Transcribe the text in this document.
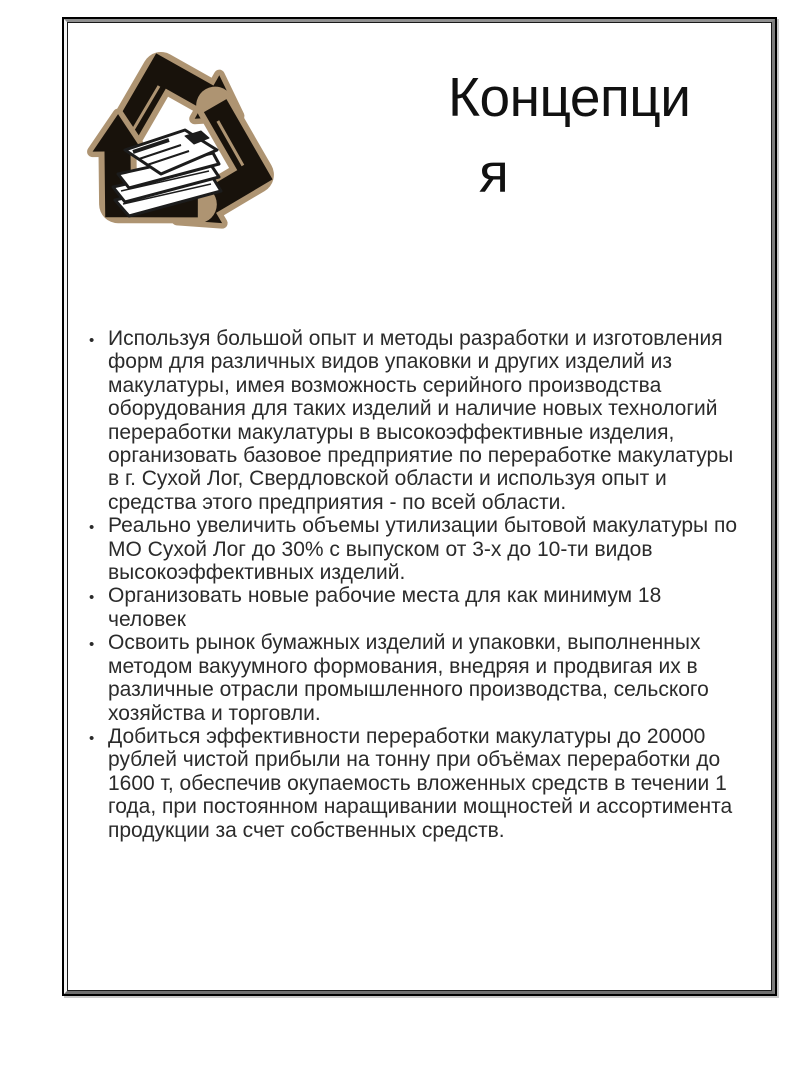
Концепци
я
• Используя большой опыт и методы разработки и изготовления форм для различных видов упаковки и других изделий из макулатуры, имея возможность серийного производства оборудования для таких изделий и наличие новых технологий переработки макулатуры в высокоэффективные изделия, организовать базовое предприятие по переработке макулатуры в г. Сухой Лог, Свердловской области и используя опыт и средства этого предприятия - по всей области.
• Реально увеличить объемы утилизации бытовой макулатуры по МО Сухой Лог до 30% с выпуском от 3-х до 10-ти видов высокоэффективных изделий.
• Организовать новые рабочие места для как минимум 18 человек
• Освоить рынок бумажных изделий и упаковки, выполненных методом вакуумного формования, внедряя и продвигая их в различные отрасли промышленного производства, сельского хозяйства и торговли.
• Добиться эффективности переработки макулатуры до 20000 рублей чистой прибыли на тонну при объёмах переработки до 1600 т, обеспечив окупаемость вложенных средств в течении 1 года, при постоянном наращивании мощностей и ассортимента продукции за счет собственных средств.
